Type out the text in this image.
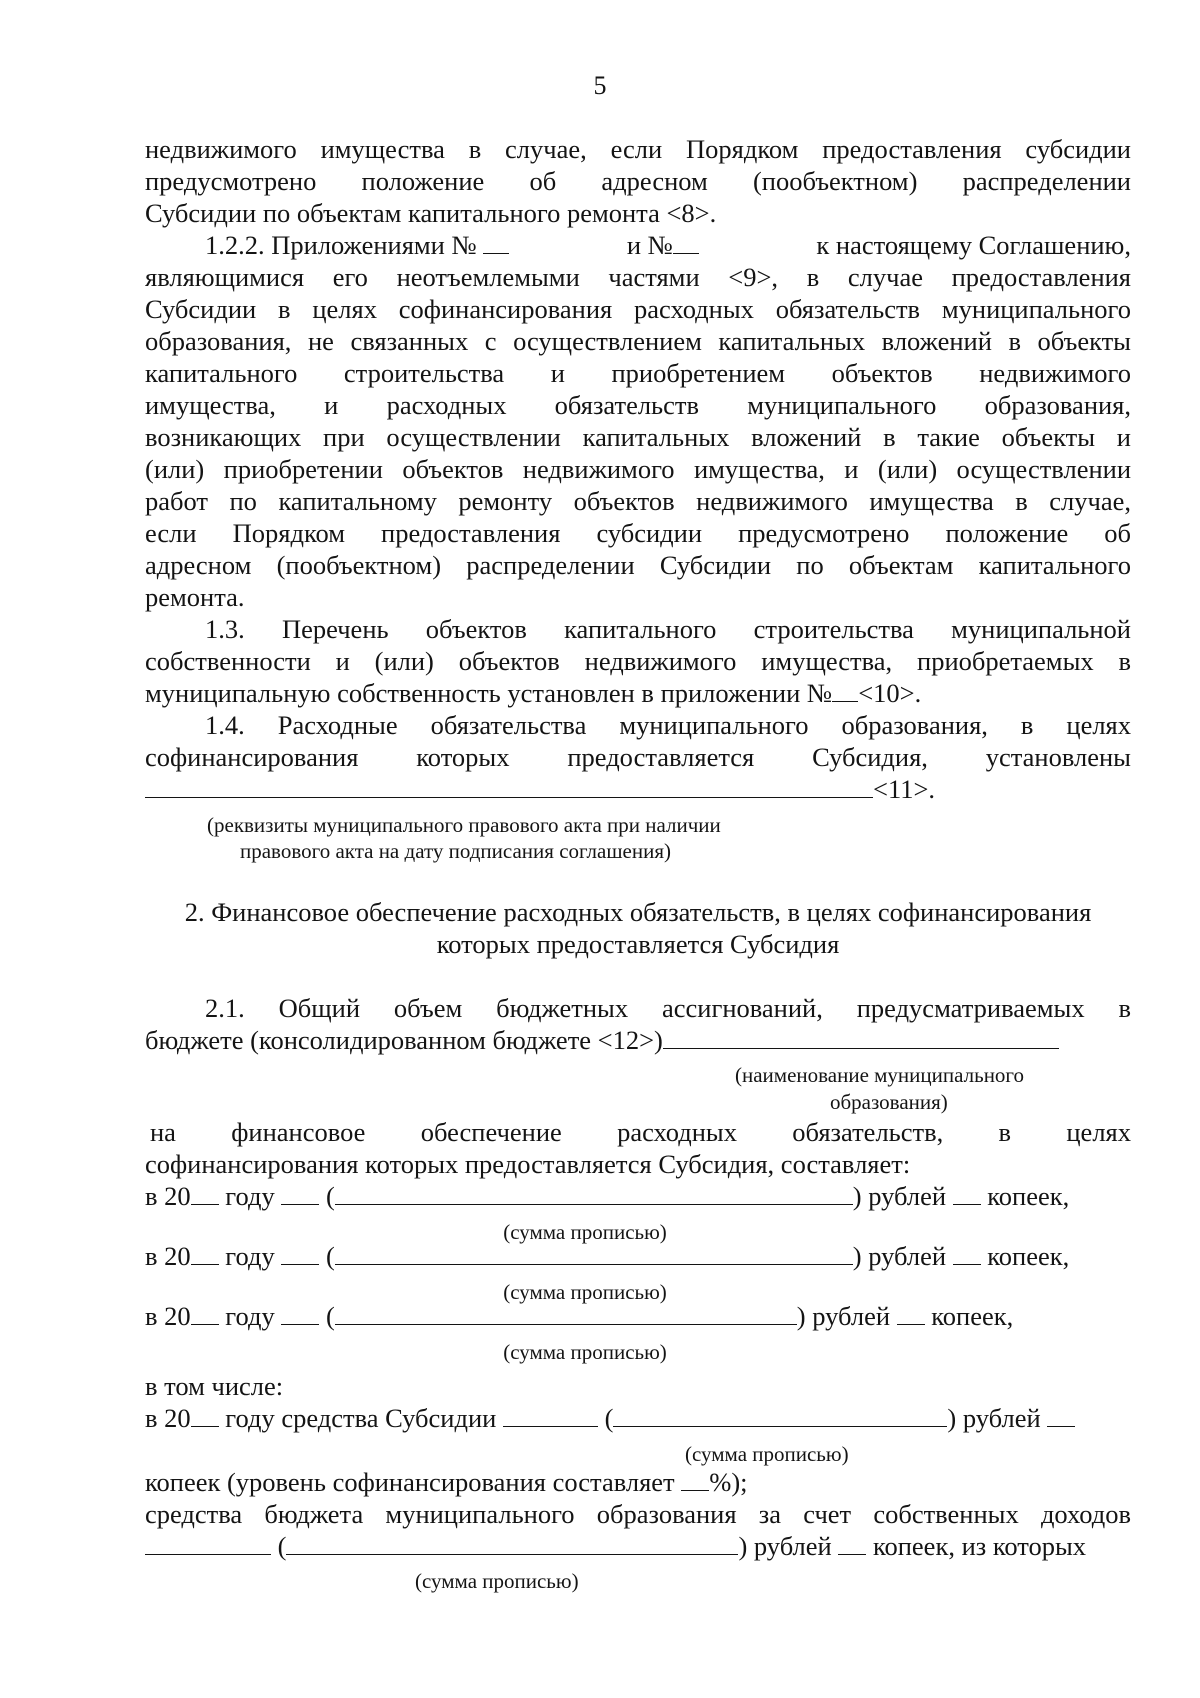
5
недвижимого имущества в случае, если Порядком предоставления субсидии
предусмотрено положение об адресном (пообъектном) распределении
Субсидии по объектам капитального ремонта <8>.
1.2.2. Приложениями №	и №	к настоящему Соглашению,
являющимися его неотъемлемыми частями <9>, в случае предоставления
Субсидии в целях софинансирования расходных обязательств муниципального
образования, не связанных с осуществлением капитальных вложений в объекты
капитального строительства и приобретением объектов недвижимого
имущества, и расходных обязательств муниципального образования,
возникающих при осуществлении капитальных вложений в такие объекты и
(или) приобретении объектов недвижимого имущества, и (или) осуществлении
работ по капитальному ремонту объектов недвижимого имущества в случае,
если Порядком предоставления субсидии предусмотрено положение об
адресном (пообъектном) распределении Субсидии по объектам капитального
ремонта.
1.3. Перечень объектов капитального строительства муниципальной
собственности и (или) объектов недвижимого имущества, приобретаемых в
муниципальную собственность установлен в приложении № <10>.
1.4. Расходные обязательства муниципального образования, в целях
софинансирования которых предоставляется Субсидия, установлены
<11>.
(реквизиты муниципального правового акта при наличии
правового акта на дату подписания соглашения)
2. Финансовое обеспечение расходных обязательств, в целях софинансирования
которых предоставляется Субсидия
2.1. Общий объем бюджетных ассигнований, предусматриваемых в
бюджете (консолидированном бюджете <12>)
(наименование муниципального
образования)
на финансовое обеспечение расходных обязательств, в целях
софинансирования которых предоставляется Субсидия, составляет:
в 20 году  (	) рублей копеек,
(сумма прописью)
в 20 году  (	) рублей копеек,
(сумма прописью)
в 20 году  (	) рублей копеек,
(сумма прописью)
в том числе:
в 20 году средства Субсидии	(	) рублей
(сумма прописью)
копеек (уровень софинансирования составляет %);
средства бюджета муниципального образования за счет собственных доходов
(	) рублей копеек, из которых
(сумма прописью)
